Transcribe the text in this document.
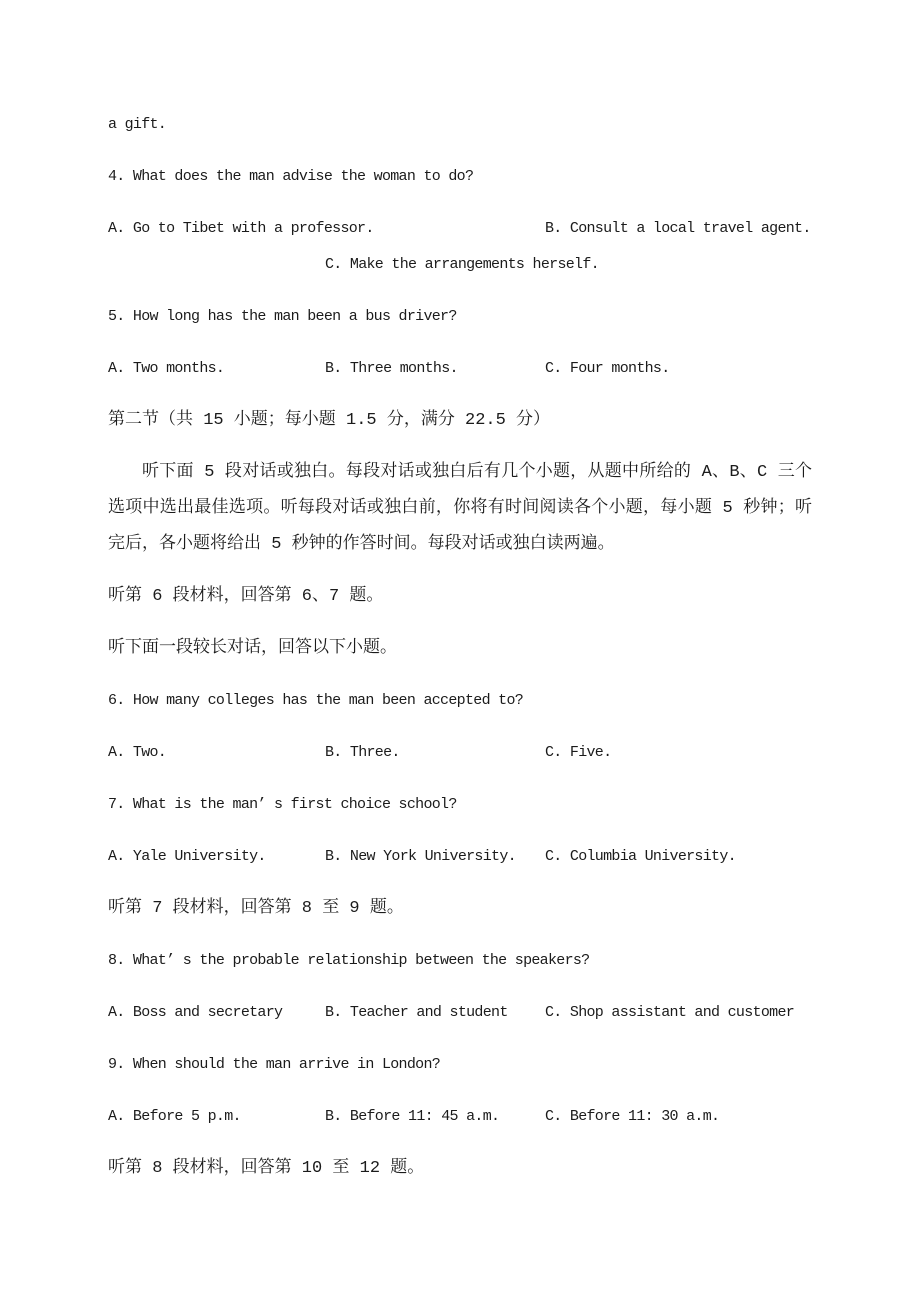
a gift.

4. What does the man advise the woman to do?

A. Go to Tibet with a professor.	B. Consult a local travel agent.

C. Make the arrangements herself.

5. How long has the man been a bus driver?

A. Two months.	B. Three months.	C. Four months.

第二节（共 15 小题；每小题 1.5 分，满分 22.5 分）

听下面 5 段对话或独白。每段对话或独白后有几个小题，从题中所给的 A、B、C 三个选项中选出最佳选项。听每段对话或独白前，你将有时间阅读各个小题，每小题 5 秒钟；听完后，各小题将给出 5 秒钟的作答时间。每段对话或独白读两遍。

听第 6 段材料，回答第 6、7 题。

听下面一段较长对话，回答以下小题。

6. How many colleges has the man been accepted to?

A. Two.	B. Three.	C. Five.

7. What is the man’ s first choice school?

A. Yale University.	B. New York University.	C. Columbia University.

听第 7 段材料，回答第 8 至 9 题。

8. What’ s the probable relationship between the speakers?

A. Boss and secretary	B. Teacher and student	C. Shop assistant and customer

9. When should the man arrive in London?

A. Before 5 p.m.	B. Before 11: 45 a.m.	C. Before 11: 30 a.m.

听第 8 段材料，回答第 10 至 12 题。
